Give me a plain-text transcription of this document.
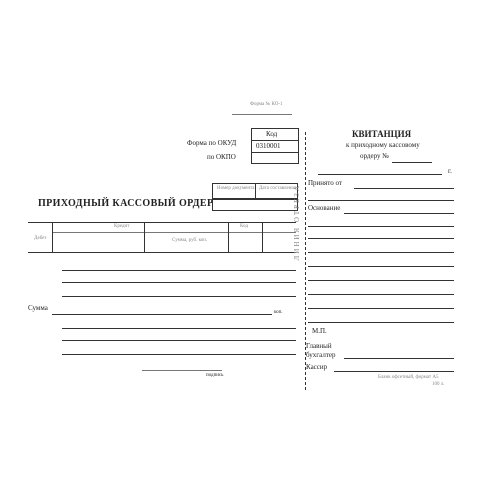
Форма № КО-1
Форма по ОКУД
по ОКПО
Код
0310001
ПРИХОДНЫЙ КАССОВЫЙ ОРДЕР
Номер документа Дата составления
Дебет
Кредит
Сумма, руб. коп.
Код
Сумма
коп.
подпись
ЛИНИЯ ОТРЕЗА
КВИТАНЦИЯ
к приходному кассовому
ордеру №
г.
Принято от
Основание
М.П.
Главный
бухгалтер
Кассир
Бланк офсетный, формат А5
100 л.
